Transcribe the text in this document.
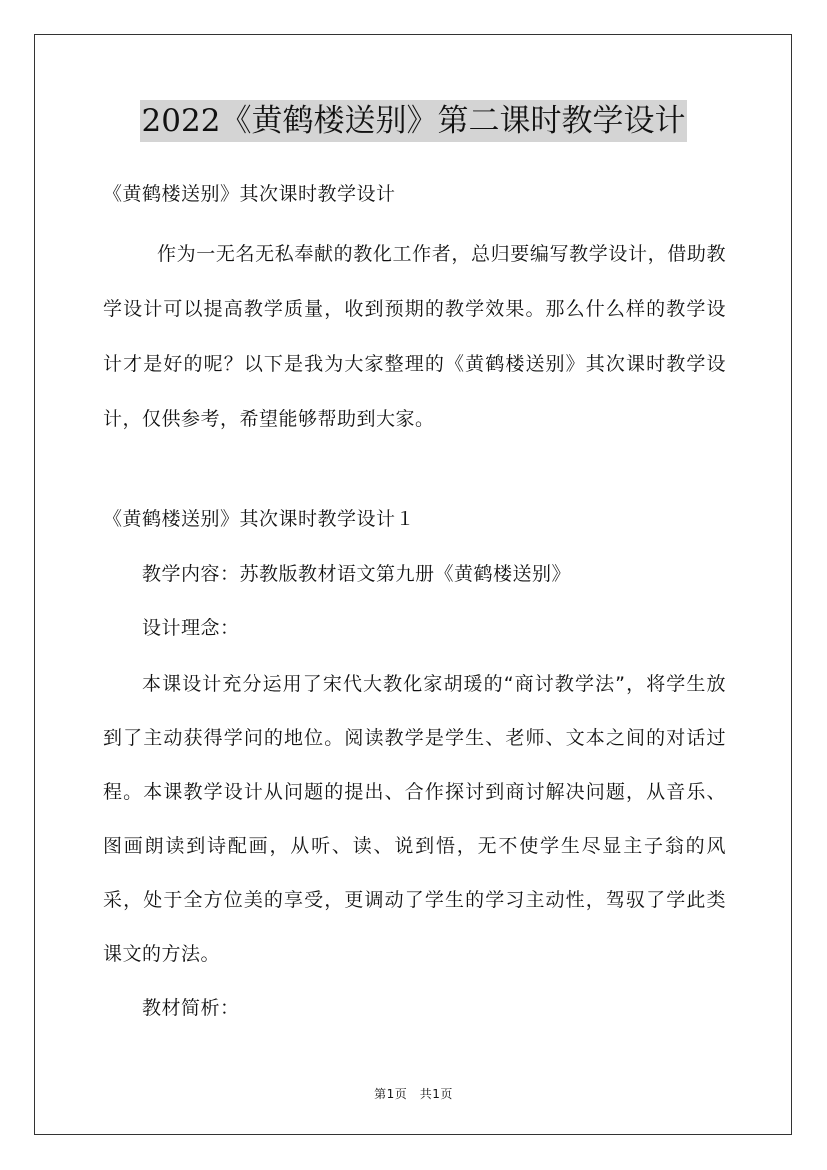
2022《黄鹤楼送别》第二课时教学设计
《黄鹤楼送别》其次课时教学设计
作为一无名无私奉献的教化工作者，总归要编写教学设计，借助教学设计可以提高教学质量，收到预期的教学效果。那么什么样的教学设计才是好的呢？以下是我为大家整理的《黄鹤楼送别》其次课时教学设计，仅供参考，希望能够帮助到大家。
《黄鹤楼送别》其次课时教学设计１
教学内容：苏教版教材语文第九册《黄鹤楼送别》
设计理念：
本课设计充分运用了宋代大教化家胡瑗的“商讨教学法”，将学生放到了主动获得学问的地位。阅读教学是学生、老师、文本之间的对话过程。本课教学设计从问题的提出、合作探讨到商讨解决问题，从音乐、图画朗读到诗配画，从听、读、说到悟，无不使学生尽显主子翁的风采，处于全方位美的享受，更调动了学生的学习主动性，驾驭了学此类课文的方法。
教材简析：
第1页　共1页
